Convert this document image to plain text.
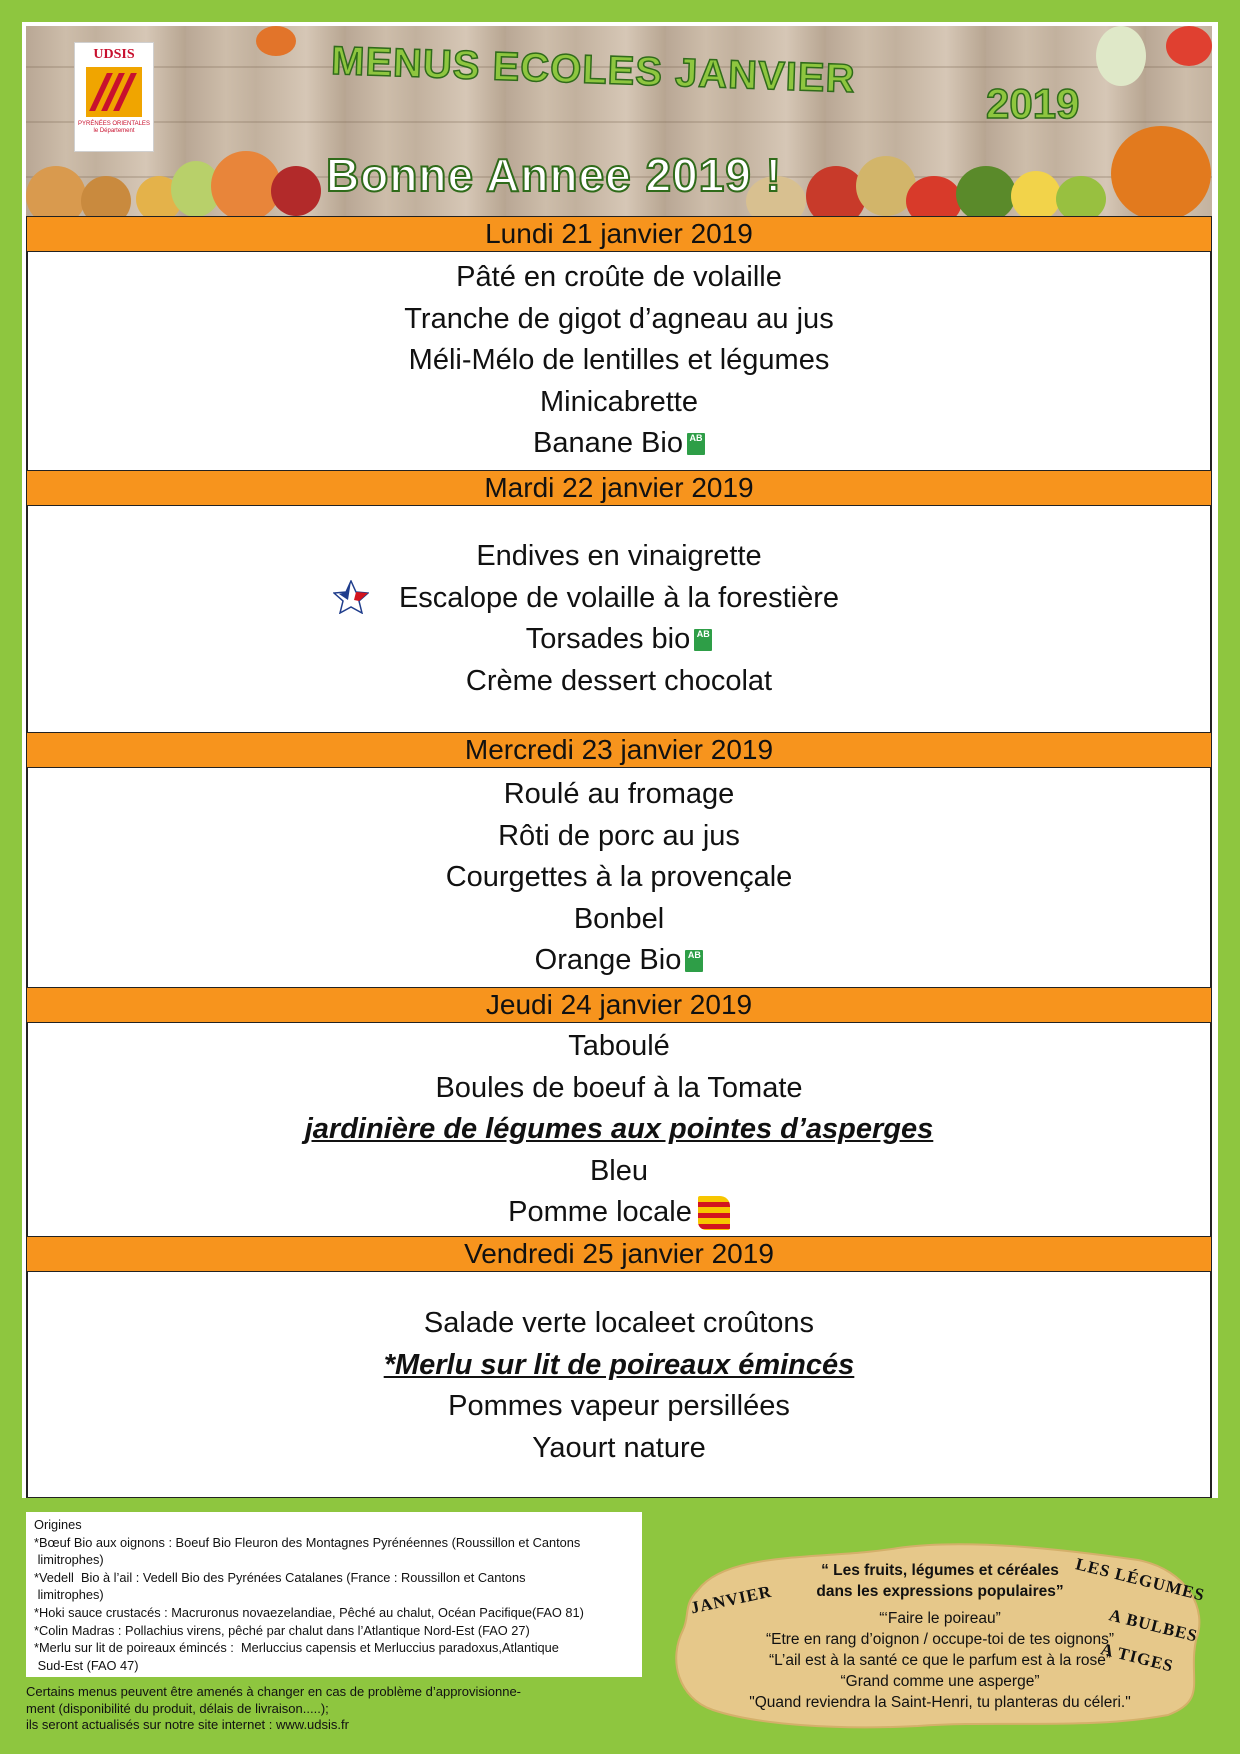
UDSIS
PYRÉNÉES ORIENTALES le Département
MENUS ECOLES JANVIER
2019
Bonne Annee 2019 !
Lundi 21 janvier 2019
Pâté en croûte de volaille
Tranche de gigot d’agneau au jus
Méli-Mélo de lentilles et légumes
Minicabrette
Banane Bio AB
Mardi 22 janvier 2019
Endives en vinaigrette
Escalope de volaille à la forestière
Torsades bio AB
Crème dessert chocolat
Mercredi 23 janvier 2019
Roulé au fromage
Rôti de porc au jus
Courgettes à la provençale
Bonbel
Orange Bio AB
Jeudi 24 janvier 2019
Taboulé
Boules de boeuf à la Tomate
jardinière de légumes aux pointes d’asperges
Bleu
Pomme locale
Vendredi 25 janvier 2019
Salade verte localeet croûtons
*Merlu sur lit de poireaux émincés
Pommes vapeur persillées
Yaourt nature
Origines
*Bœuf Bio aux oignons : Boeuf Bio Fleuron des Montagnes Pyrénéennes (Roussillon et Cantons
limitrophes)
*Vedell  Bio à l’ail : Vedell Bio des Pyrénées Catalanes (France : Roussillon et Cantons
limitrophes)
*Hoki sauce crustacés : Macruronus novaezelandiae, Pêché au chalut, Océan Pacifique(FAO 81)
*Colin Madras : Pollachius virens, pêché par chalut dans l’Atlantique Nord-Est (FAO 27)
*Merlu sur lit de poireaux émincés :  Merluccius capensis et Merluccius paradoxus,Atlantique
Sud-Est (FAO 47)
Certains menus peuvent être amenés à changer en cas de problème d’approvisionne-
ment (disponibilité du produit, délais de livraison.....);
ils seront actualisés sur notre site internet : www.udsis.fr
JANVIER	LES LÉGUMES
A BULBES
A TIGES
“ Les fruits, légumes et céréales
dans les expressions populaires”
“‘Faire le poireau”
“Etre en rang d’oignon / occupe-toi de tes oignons”
“L’ail est à la santé ce que le parfum est à la rose”
“Grand comme une asperge”
"Quand reviendra la Saint-Henri, tu planteras du céleri."
